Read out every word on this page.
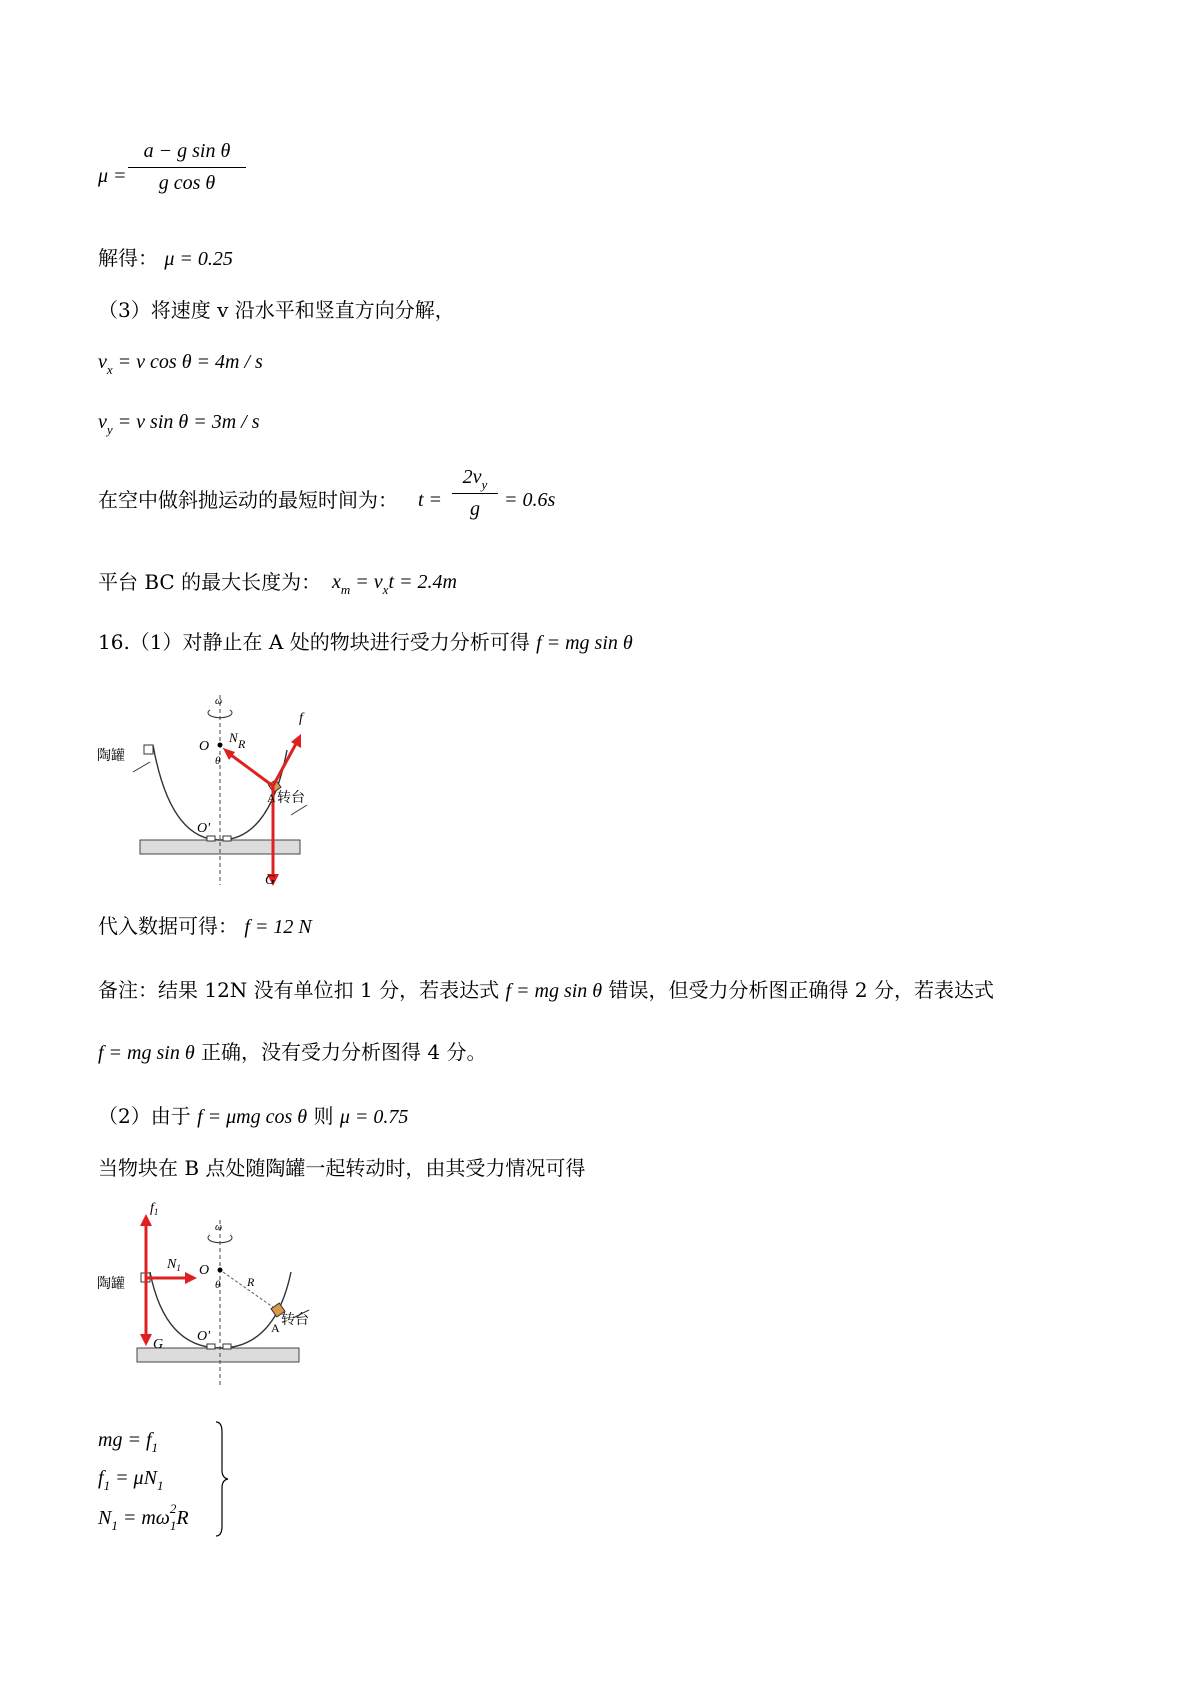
μ =
a − g sin θ
g cos θ
解得： μ = 0.25
（3）将速度 v 沿水平和竖直方向分解，
$v_x = v$ cos θ = 4m / s
$v_y = v$ sin θ = 3m / s
在空中做斜抛运动的最短时间为： t =
$2v_y$
g	= 0.6s
平台 BC 的最大长度为： $x_m = v_xt = 2.4m$
16.（1）对静止在 A 处的物块进行受力分析可得 f = mg sin θ
陶罐
转台
O
O'
N R
θ
f
A
G
ω
代入数据可得： f = 12 N
备注：结果 12N 没有单位扣 1 分，若表达式 f = mg sin θ 错误，但受力分析图正确得 2 分，若表达式
f = mg sin θ 正确，没有受力分析图得 4 分。
（2）由于 f = μmg cos θ 则 μ = 0.75
当物块在 B 点处随陶罐一起转动时，由其受力情况可得
$f_1$
$N_1$
陶罐
转台
O
O'
R
θ
G
A
ω
mg = $f_1$
$f_1 = \mu N_1$
$N_1 = m\omega$ 2
$_1$R
